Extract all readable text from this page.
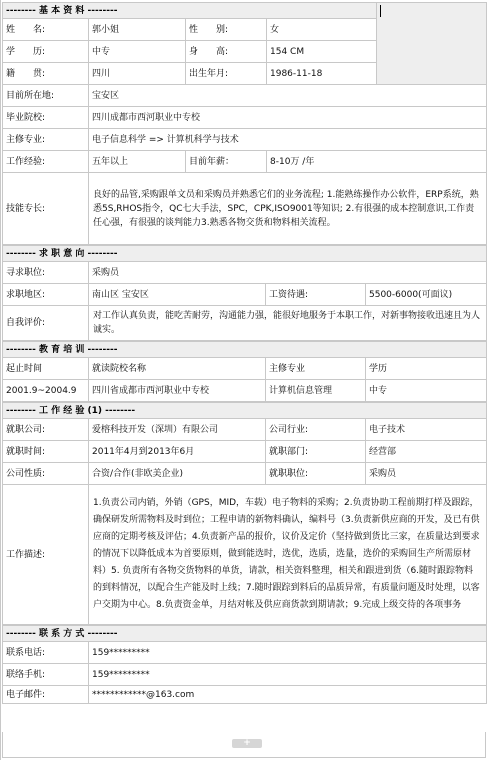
-------- 基 本 资 料 --------				

姓　　名:	郭小姐	性　　别:	女	
学　　历:	中专	身　　高:	154 CM	
籍　　贯:	四川	出生年月:	1986-11-18	
目前所在地:	宝安区			
毕业院校:	四川成都市西河职业中专校			
主修专业:	电子信息科学 => 计算机科学与技术			
工作经验:	五年以上	目前年薪：	8-10万 /年	
技能专长:	良好的品管,采购跟单文员和采购员并熟悉它们的业务流程; 1.能熟练操作办公软件，ERP系统，熟悉5S,RHOS指令，QC七大手法，SPC，CPK,ISO9001等知识; 2.有很强的成本控制意识,工作责任心强，有很强的谈判能力3.熟悉各物交货和物料相关流程。			
-------- 求 职 意 向 --------			
寻求职位:	采购员		
求职地区:	南山区 宝安区	工资待遇:	5500-6000(可面议)
自我评价:	对工作认真负责，能吃苦耐劳，沟通能力强，能很好地服务于本职工作，对新事物接收迅速且为人诚实。		
-------- 教 育 培 训 --------			
起止时间	就读院校名称	主修专业	学历
2001.9~2004.9	四川省成都市西河职业中专校	计算机信息管理	中专
-------- 工 作 经 验 (1) --------			
就职公司:	爱榕科技开发（深圳）有限公司	公司行业:	电子技术
就职时间:	2011年4月到2013年6月	就职部门:	经营部
公司性质:	合资/合作(非欧美企业)	就职职位:	采购员
工作描述:	1.负责公司内销，外销（GPS，MID，车载）电子物料的采购；2.负责协助工程前期打样及跟踪，确保研发所需物料及时到位；工程申请的新物料确认，编料号（3.负责新供应商的开发，及已有供应商的定期考核及评估；4.负责新产品的报价，议价及定价（坚持做到货比三家，在质量达到要求的情况下以降低成本为首要原则，做到能选时，选优，选质，选量，选价的采购回生产所需原材料）5. 负责所有各物交货物料的单货，请款，相关资料整理，相关和跟进到货（6.随时跟踪物料的到料情况，以配合生产能及时上线；7.随时跟踪到料后的品质异常，有质量问题及时处理，以客户交期为中心。8.负责资金单，月结对帐及供应商货款到期请款；9.完成上级交待的各项事务		
-------- 联 系 方 式 --------	
联系电话:	159*********
联络手机:	159*********
电子邮件:	************@163.com
+
